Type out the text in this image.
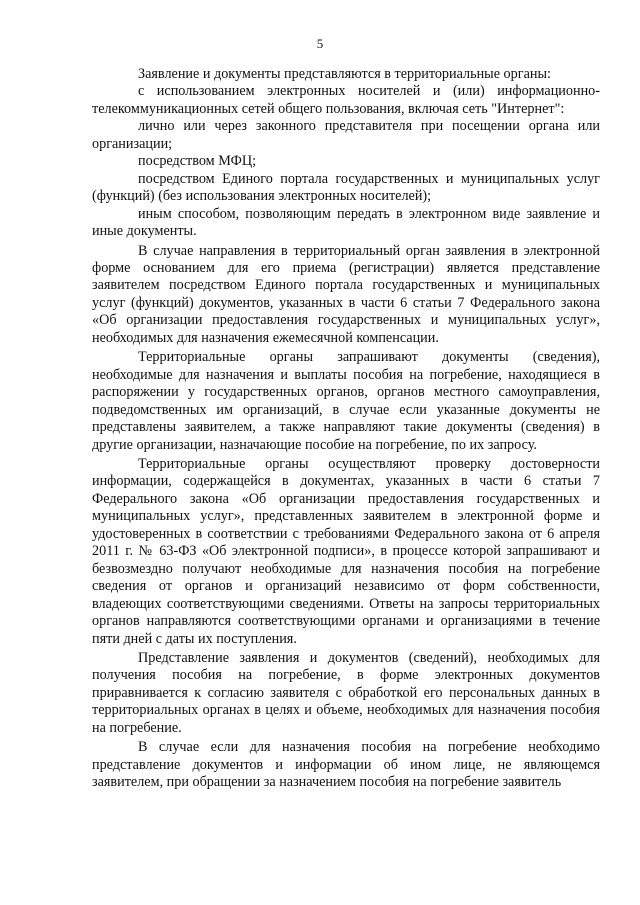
5

Заявление и документы представляются в территориальные органы:

с использованием электронных носителей и (или) информационно-телекоммуникационных сетей общего пользования, включая сеть "Интернет":

лично или через законного представителя при посещении органа или организации;

посредством МФЦ;

посредством Единого портала государственных и муниципальных услуг (функций) (без использования электронных носителей);

иным способом, позволяющим передать в электронном виде заявление и иные документы.

В случае направления в территориальный орган заявления в электронной форме основанием для его приема (регистрации) является представление заявителем посредством Единого портала государственных и муниципальных услуг (функций) документов, указанных в части 6 статьи 7 Федерального закона «Об организации предоставления государственных и муниципальных услуг», необходимых для назначения ежемесячной компенсации.

Территориальные органы запрашивают документы (сведения), необходимые для назначения и выплаты пособия на погребение, находящиеся в распоряжении у государственных органов, органов местного самоуправления, подведомственных им организаций, в случае если указанные документы не представлены заявителем, а также направляют такие документы (сведения) в другие организации, назначающие пособие на погребение, по их запросу.

Территориальные органы осуществляют проверку достоверности информации, содержащейся в документах, указанных в части 6 статьи 7 Федерального закона «Об организации предоставления государственных и муниципальных услуг», представленных заявителем в электронной форме и удостоверенных в соответствии с требованиями Федерального закона от 6 апреля 2011 г. № 63-ФЗ «Об электронной подписи», в процессе которой запрашивают и безвозмездно получают необходимые для назначения пособия на погребение сведения от органов и организаций независимо от форм собственности, владеющих соответствующими сведениями. Ответы на запросы территориальных органов направляются соответствующими органами и организациями в течение пяти дней с даты их поступления.

Представление заявления и документов (сведений), необходимых для получения пособия на погребение, в форме электронных документов приравнивается к согласию заявителя с обработкой его персональных данных в территориальных органах в целях и объеме, необходимых для назначения пособия на погребение.

В случае если для назначения пособия на погребение необходимо представление документов и информации об ином лице, не являющемся заявителем, при обращении за назначением пособия на погребение заявитель
